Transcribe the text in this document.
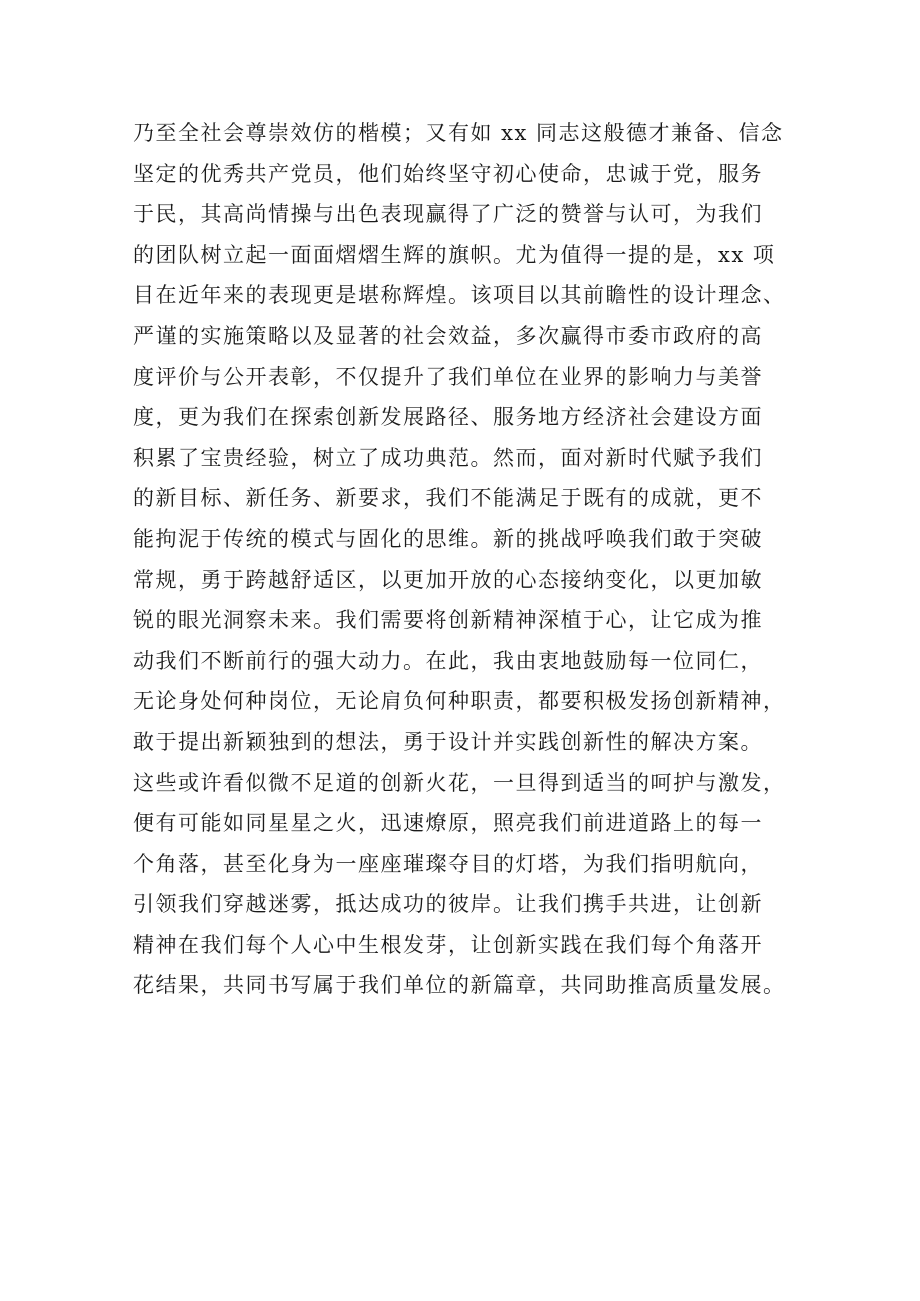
乃至全社会尊崇效仿的楷模；又有如 xx 同志这般德才兼备、信念
坚定的优秀共产党员，他们始终坚守初心使命，忠诚于党，服务
于民，其高尚情操与出色表现赢得了广泛的赞誉与认可，为我们
的团队树立起一面面熠熠生辉的旗帜。尤为值得一提的是，xx 项
目在近年来的表现更是堪称辉煌。该项目以其前瞻性的设计理念、
严谨的实施策略以及显著的社会效益，多次赢得市委市政府的高
度评价与公开表彰，不仅提升了我们单位在业界的影响力与美誉
度，更为我们在探索创新发展路径、服务地方经济社会建设方面
积累了宝贵经验，树立了成功典范。然而，面对新时代赋予我们
的新目标、新任务、新要求，我们不能满足于既有的成就，更不
能拘泥于传统的模式与固化的思维。新的挑战呼唤我们敢于突破
常规，勇于跨越舒适区，以更加开放的心态接纳变化，以更加敏
锐的眼光洞察未来。我们需要将创新精神深植于心，让它成为推
动我们不断前行的强大动力。在此，我由衷地鼓励每一位同仁，
无论身处何种岗位，无论肩负何种职责，都要积极发扬创新精神，
敢于提出新颖独到的想法，勇于设计并实践创新性的解决方案。
这些或许看似微不足道的创新火花，一旦得到适当的呵护与激发，
便有可能如同星星之火，迅速燎原，照亮我们前进道路上的每一
个角落，甚至化身为一座座璀璨夺目的灯塔，为我们指明航向，
引领我们穿越迷雾，抵达成功的彼岸。让我们携手共进，让创新
精神在我们每个人心中生根发芽，让创新实践在我们每个角落开
花结果，共同书写属于我们单位的新篇章，共同助推高质量发展。
